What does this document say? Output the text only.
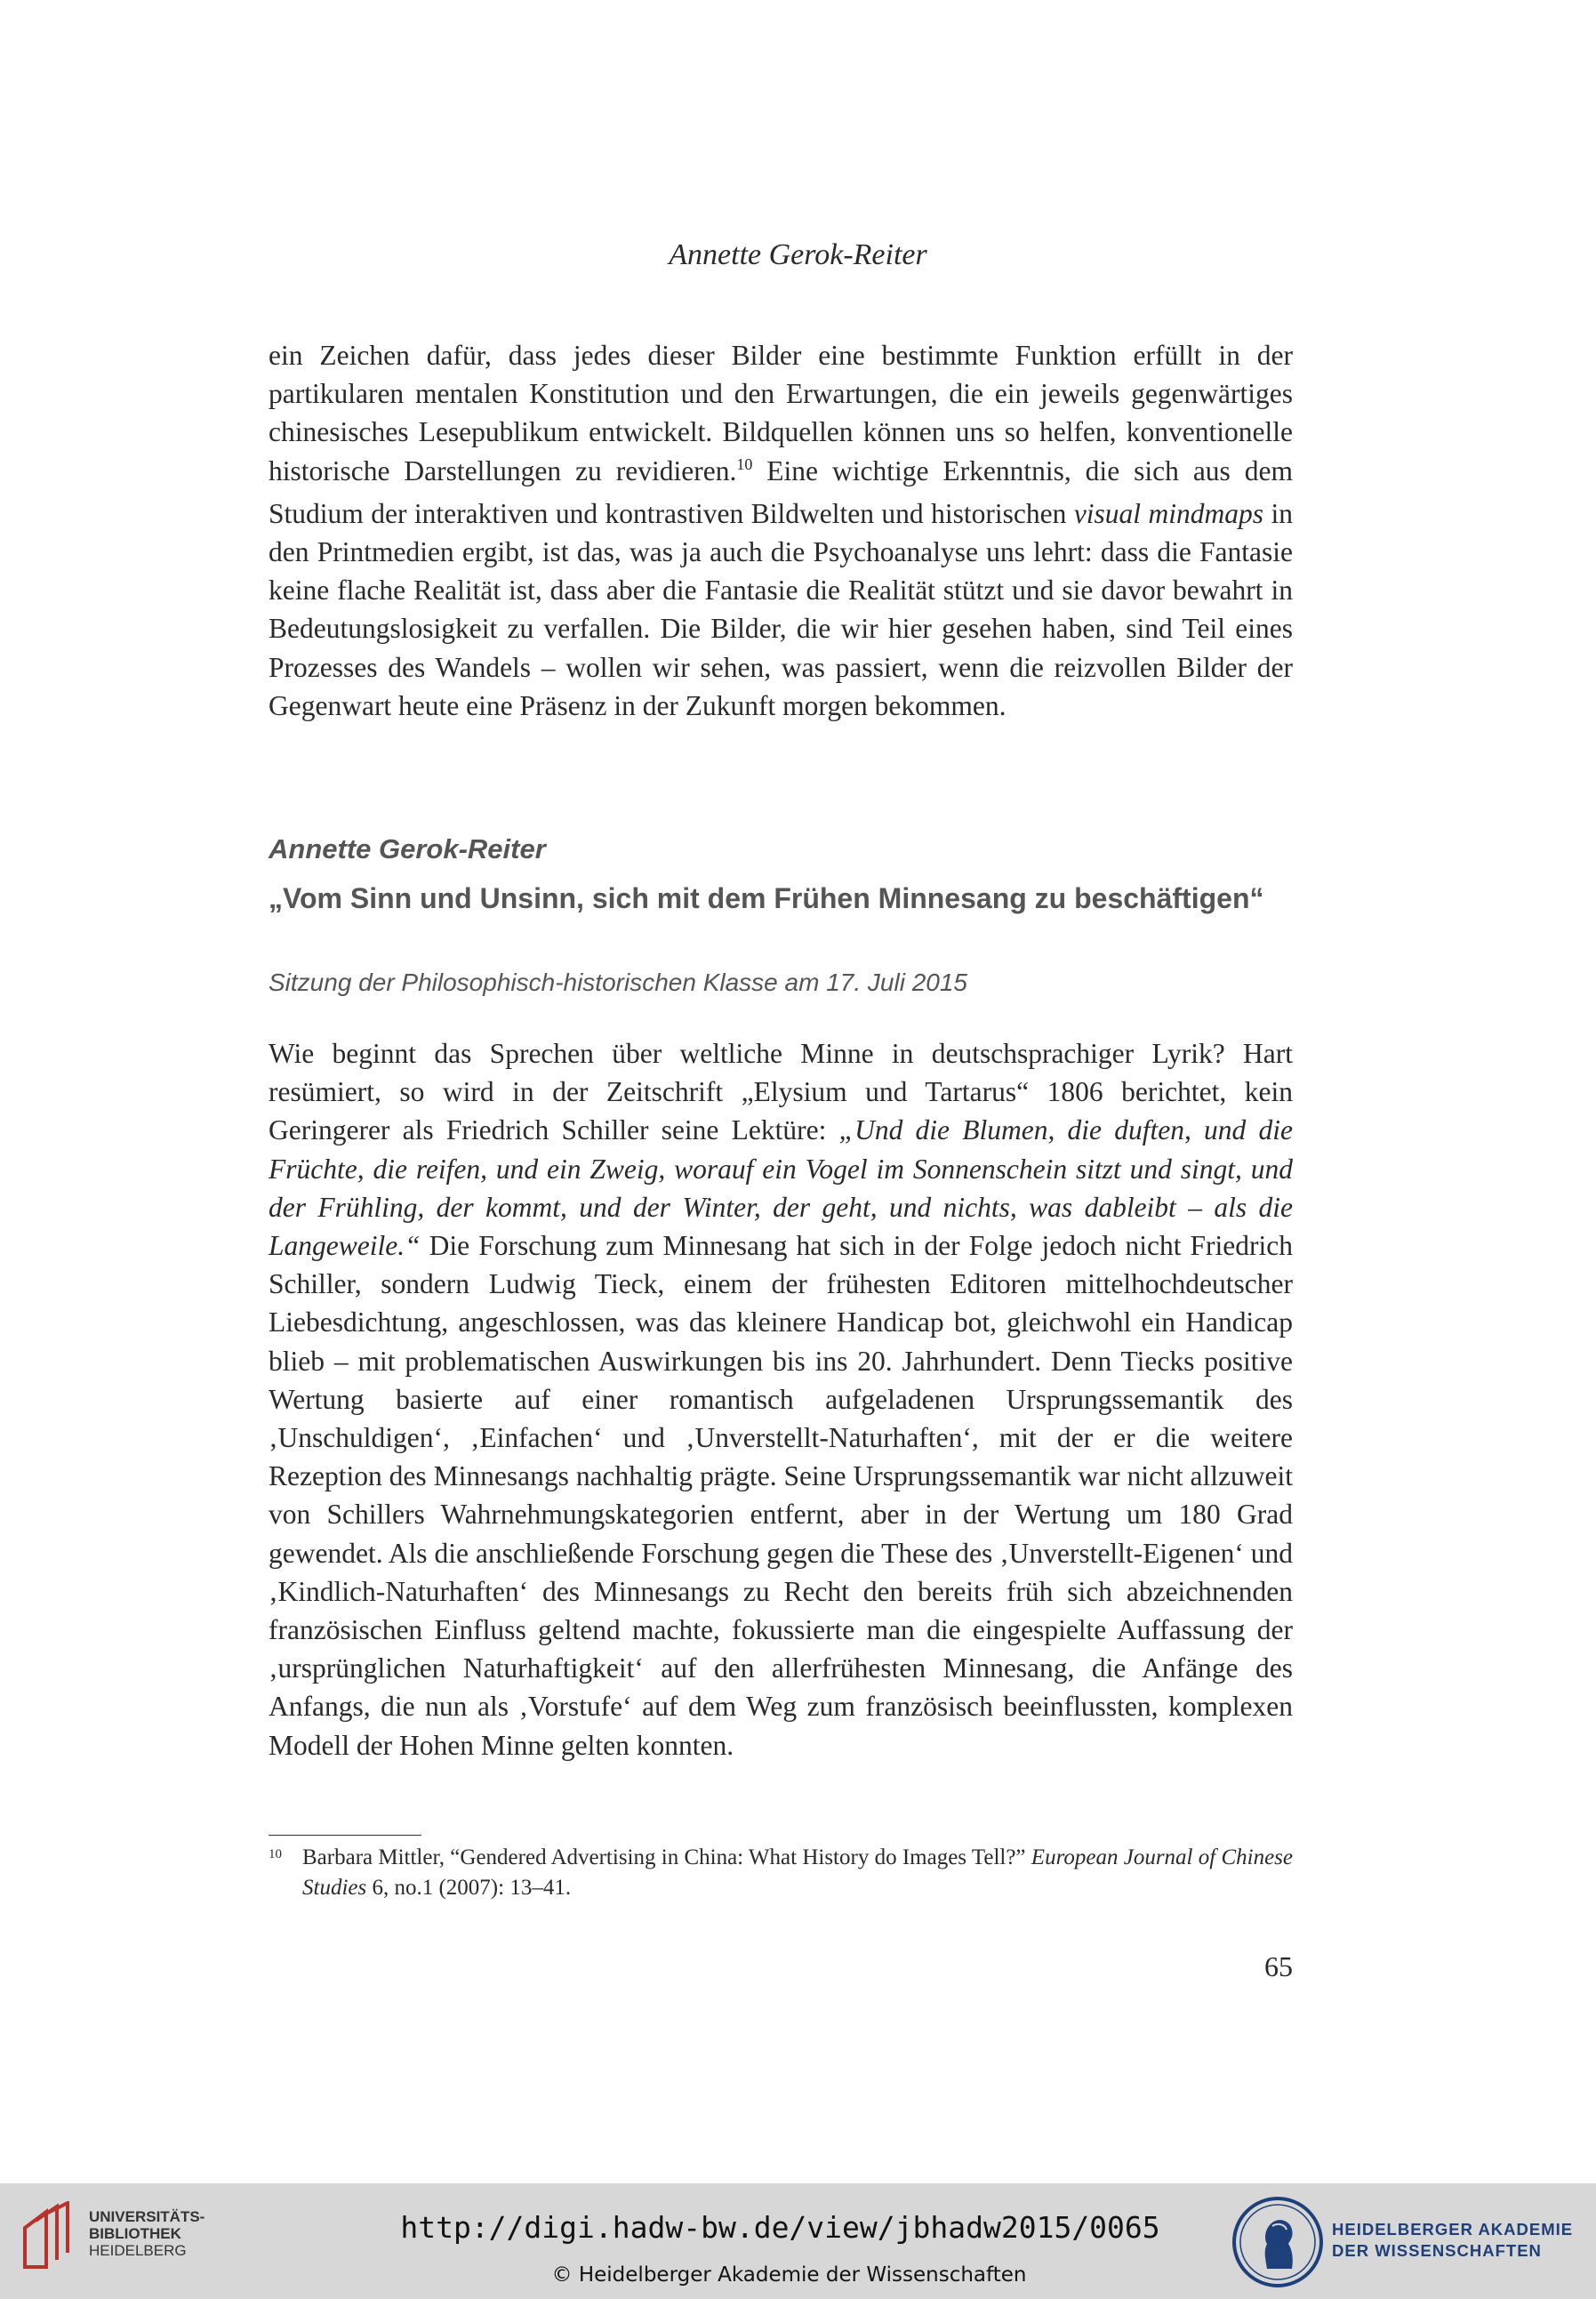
Annette Gerok-Reiter

ein Zeichen dafür, dass jedes dieser Bilder eine bestimmte Funktion erfüllt in der partikularen mentalen Konstitution und den Erwartungen, die ein jeweils gegenwärtiges chinesisches Lesepublikum entwickelt. Bildquellen können uns so helfen, konventionelle historische Darstellungen zu revidieren.$^{10}$ Eine wichtige Erkenntnis, die sich aus dem Studium der interaktiven und kontrastiven Bildwelten und historischen visual mindmaps in den Printmedien ergibt, ist das, was ja auch die Psychoanalyse uns lehrt: dass die Fantasie keine flache Realität ist, dass aber die Fantasie die Realität stützt und sie davor bewahrt in Bedeutungslosigkeit zu verfallen. Die Bilder, die wir hier gesehen haben, sind Teil eines Prozesses des Wandels – wollen wir sehen, was passiert, wenn die reizvollen Bilder der Gegenwart heute eine Präsenz in der Zukunft morgen bekommen.

Annette Gerok-Reiter
„Vom Sinn und Unsinn, sich mit dem Frühen Minnesang zu beschäftigen“
Sitzung der Philosophisch-historischen Klasse am 17. Juli 2015

Wie beginnt das Sprechen über weltliche Minne in deutschsprachiger Lyrik? Hart resümiert, so wird in der Zeitschrift „Elysium und Tartarus“ 1806 berichtet, kein Geringerer als Friedrich Schiller seine Lektüre: „Und die Blumen, die duften, und die Früchte, die reifen, und ein Zweig, worauf ein Vogel im Sonnenschein sitzt und singt, und der Frühling, der kommt, und der Winter, der geht, und nichts, was dableibt – als die Langeweile.“ Die Forschung zum Minnesang hat sich in der Folge jedoch nicht Friedrich Schiller, sondern Ludwig Tieck, einem der frühesten Editoren mittelhochdeutscher Liebesdichtung, angeschlossen, was das kleinere Handicap bot, gleichwohl ein Handicap blieb – mit problematischen Auswirkungen bis ins 20. Jahrhundert. Denn Tiecks positive Wertung basierte auf einer romantisch aufgeladenen Ursprungssemantik des ‚Unschuldigen‘, ‚Einfachen‘ und ‚Unverstellt-Naturhaften‘, mit der er die weitere Rezeption des Minnesangs nachhaltig prägte. Seine Ursprungssemantik war nicht allzuweit von Schillers Wahrnehmungskategorien entfernt, aber in der Wertung um 180 Grad gewendet. Als die anschließende Forschung gegen die These des ‚Unverstellt-Eigenen‘ und ‚Kindlich-Naturhaften‘ des Minnesangs zu Recht den bereits früh sich abzeichnenden französischen Einfluss geltend machte, fokussierte man die eingespielte Auffassung der ‚ursprünglichen Naturhaftigkeit‘ auf den allerfrühesten Minnesang, die Anfänge des Anfangs, die nun als ‚Vorstufe‘ auf dem Weg zum französisch beeinflussten, komplexen Modell der Hohen Minne gelten konnten.

10 Barbara Mittler, “Gendered Advertising in China: What History do Images Tell?” European Journal of Chinese Studies 6, no.1 (2007): 13–41.
65
UNIVERSITÄTS-
BIBLIOTHEK
HEIDELBERG
http://digi.hadw-bw.de/view/jbhadw2015/0065
© Heidelberger Akademie der Wissenschaften
HEIDELBERGER AKADEMIE
DER WISSENSCHAFTEN
